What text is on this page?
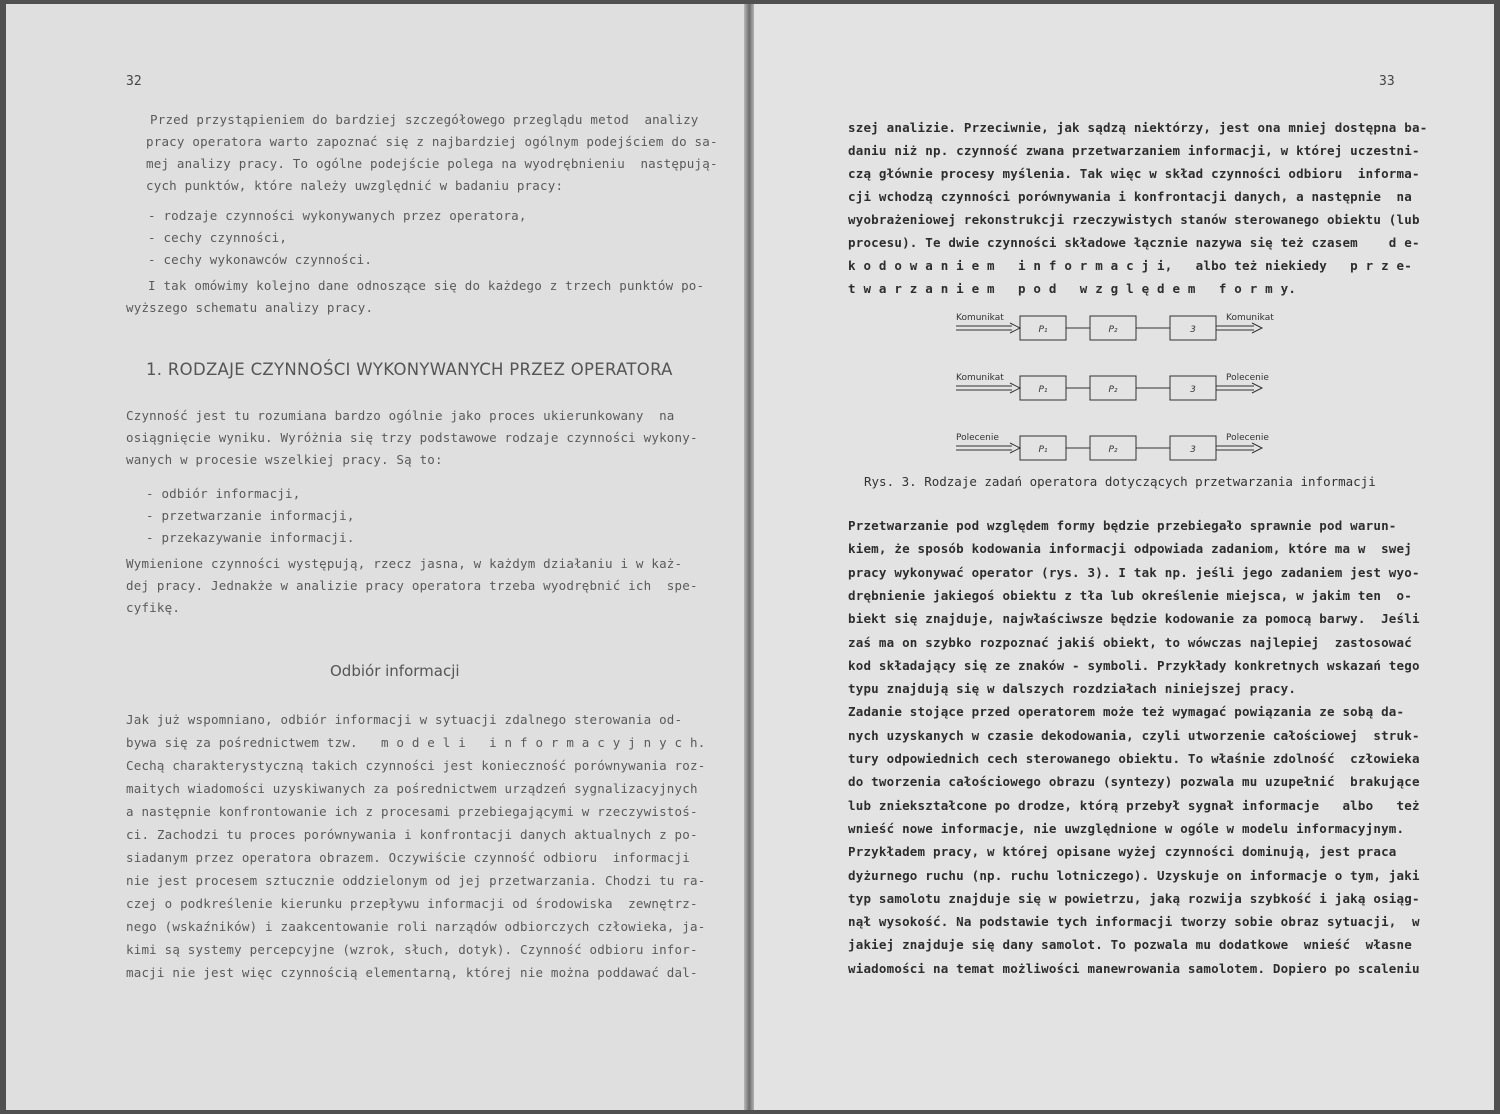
32
Przed przystąpieniem do bardziej szczegółowego przeglądu metod  analizy
pracy operatora warto zapoznać się z najbardziej ogólnym podejściem do sa-
mej analizy pracy. To ogólne podejście polega na wyodrębnieniu  następują-
cych punktów, które należy uwzględnić w badaniu pracy:
- rodzaje czynności wykonywanych przez operatora,
- cechy czynności,
- cechy wykonawców czynności.
I tak omówimy kolejno dane odnoszące się do każdego z trzech punktów po-
wyższego schematu analizy pracy.
1. RODZAJE CZYNNOŚCI WYKONYWANYCH PRZEZ OPERATORA
Czynność jest tu rozumiana bardzo ogólnie jako proces ukierunkowany  na
osiągnięcie wyniku. Wyróżnia się trzy podstawowe rodzaje czynności wykony-
wanych w procesie wszelkiej pracy. Są to:
- odbiór informacji,
- przetwarzanie informacji,
- przekazywanie informacji.
Wymienione czynności występują, rzecz jasna, w każdym działaniu i w każ-
dej pracy. Jednakże w analizie pracy operatora trzeba wyodrębnić ich  spe-
cyfikę.
Odbiór informacji
Jak już wspomniano, odbiór informacji w sytuacji zdalnego sterowania od-
bywa się za pośrednictwem tzw.   m o d e l i   i n f o r m a c y j n y c h.
Cechą charakterystyczną takich czynności jest konieczność porównywania roz-
maitych wiadomości uzyskiwanych za pośrednictwem urządzeń sygnalizacyjnych
a następnie konfrontowanie ich z procesami przebiegającymi w rzeczywistoś-
ci. Zachodzi tu proces porównywania i konfrontacji danych aktualnych z po-
siadanym przez operatora obrazem. Oczywiście czynność odbioru  informacji
nie jest procesem sztucznie oddzielonym od jej przetwarzania. Chodzi tu ra-
czej o podkreślenie kierunku przepływu informacji od środowiska  zewnętrz-
nego (wskaźników) i zaakcentowanie roli narządów odbiorczych człowieka, ja-
kimi są systemy percepcyjne (wzrok, słuch, dotyk). Czynność odbioru infor-
macji nie jest więc czynnością elementarną, której nie można poddawać dal-
33
szej analizie. Przeciwnie, jak sądzą niektórzy, jest ona mniej dostępna ba-
daniu niż np. czynność zwana przetwarzaniem informacji, w której uczestni-
czą głównie procesy myślenia. Tak więc w skład czynności odbioru  informa-
cji wchodzą czynności porównywania i konfrontacji danych, a następnie  na
wyobrażeniowej rekonstrukcji rzeczywistych stanów sterowanego obiektu (lub
procesu). Te dwie czynności składowe łącznie nazywa się też czasem    d e-
k o d o w a n i e m   i n f o r m a c j i,   albo też niekiedy   p r z e-
t w a r z a n i e m   p o d   w z g l ę d e m   f o r m y.
Przetwarzanie pod względem formy będzie przebiegało sprawnie pod warun-
kiem, że sposób kodowania informacji odpowiada zadaniom, które ma w  swej
pracy wykonywać operator (rys. 3). I tak np. jeśli jego zadaniem jest wyo-
drębnienie jakiegoś obiektu z tła lub określenie miejsca, w jakim ten  o-
biekt się znajduje, najwłaściwsze będzie kodowanie za pomocą barwy.  Jeśli
zaś ma on szybko rozpoznać jakiś obiekt, to wówczas najlepiej  zastosować
kod składający się ze znaków - symboli. Przykłady konkretnych wskazań tego
typu znajdują się w dalszych rozdziałach niniejszej pracy.
Zadanie stojące przed operatorem może też wymagać powiązania ze sobą da-
nych uzyskanych w czasie dekodowania, czyli utworzenie całościowej  struk-
tury odpowiednich cech sterowanego obiektu. To właśnie zdolność  człowieka
do tworzenia całościowego obrazu (syntezy) pozwala mu uzupełnić  brakujące
lub zniekształcone po drodze, którą przebył sygnał informacje   albo   też
wnieść nowe informacje, nie uwzględnione w ogóle w modelu informacyjnym.
Przykładem pracy, w której opisane wyżej czynności dominują, jest praca
dyżurnego ruchu (np. ruchu lotniczego). Uzyskuje on informacje o tym, jaki
typ samolotu znajduje się w powietrzu, jaką rozwija szybkość i jaką osiąg-
nął wysokość. Na podstawie tych informacji tworzy sobie obraz sytuacji,  w
jakiej znajduje się dany samolot. To pozwala mu dodatkowe  wnieść  własne
wiadomości na temat możliwości manewrowania samolotem. Dopiero po scaleniu
Komunikat
P₁	P₂	3
Komunikat
Komunikat
P₁	P₂	3
Polecenie
Polecenie
P₁	P₂	3
Polecenie
Rys. 3. Rodzaje zadań operatora dotyczących przetwarzania informacji
